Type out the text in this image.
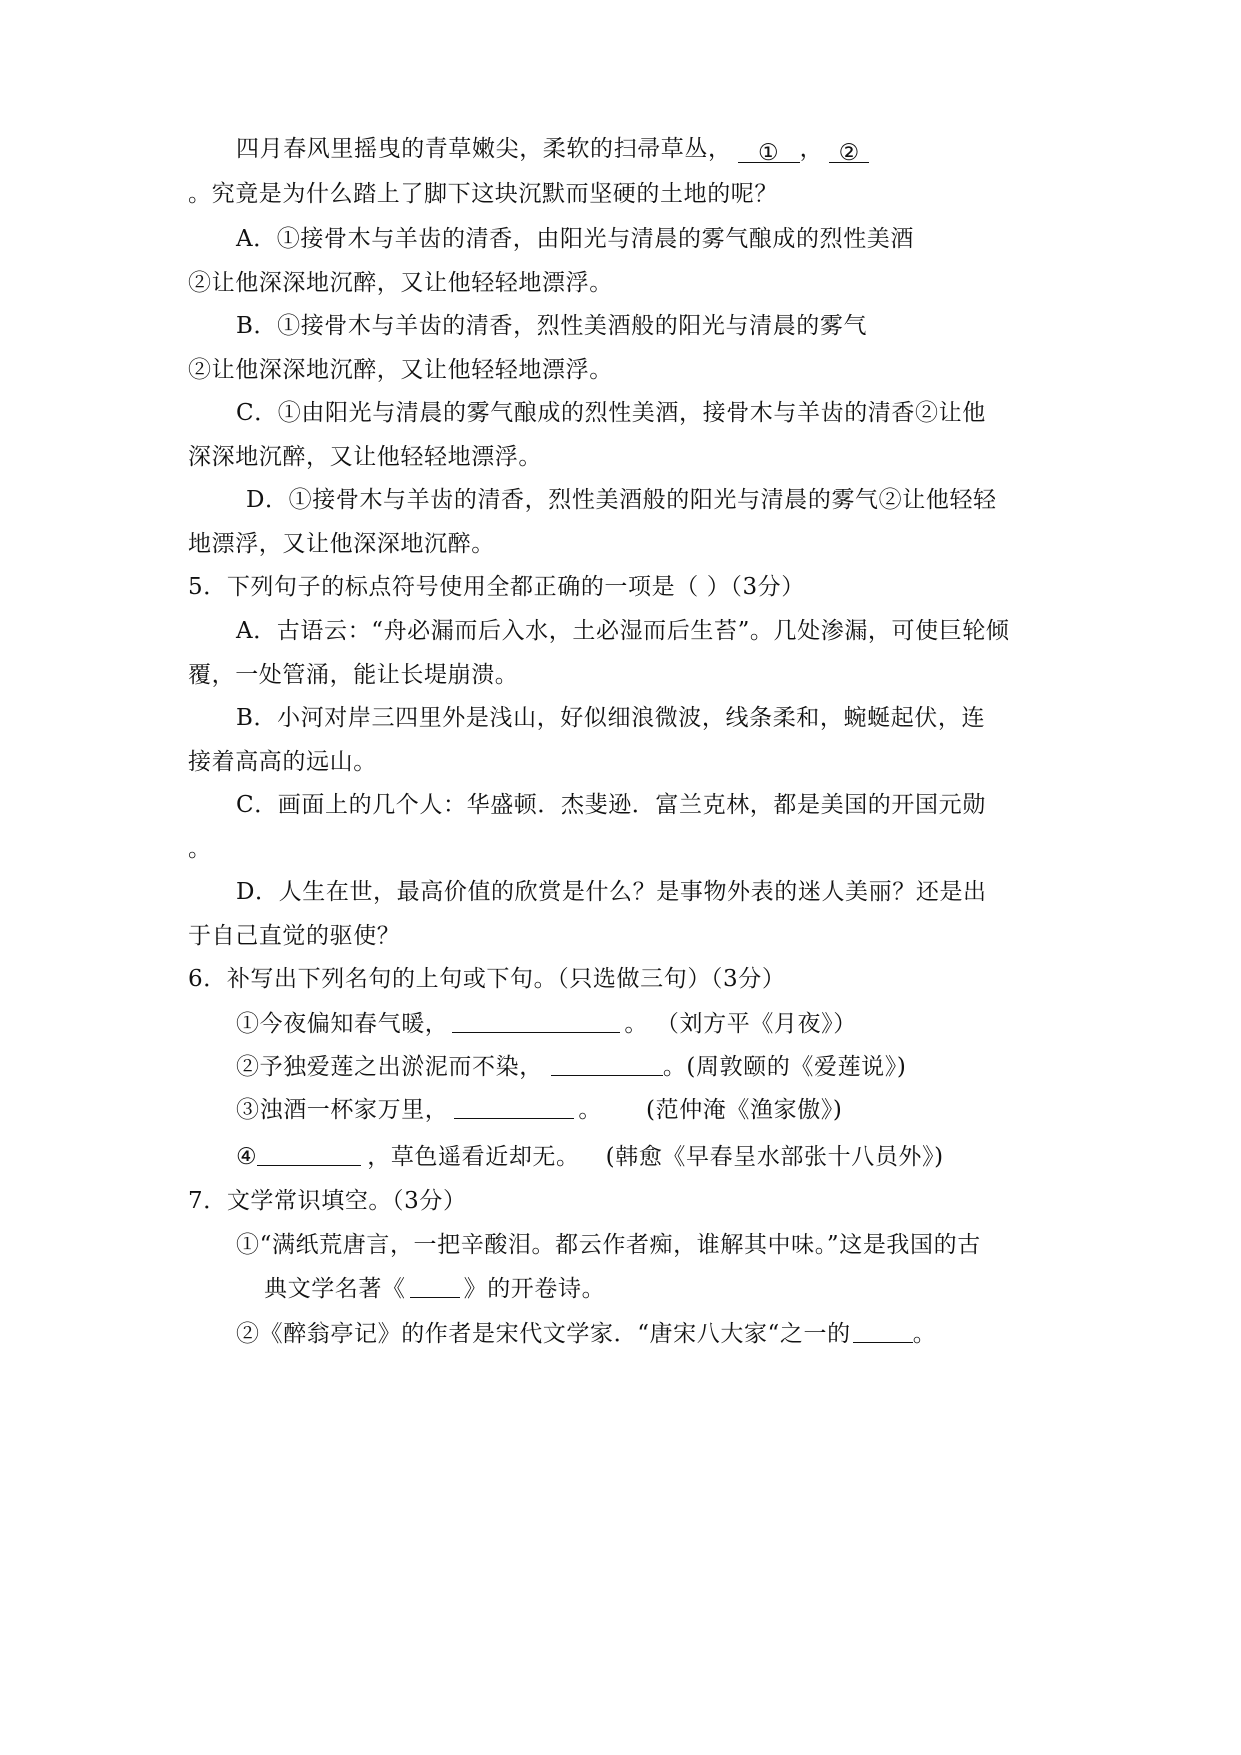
四月春风里摇曳的青草嫩尖，柔软的扫帚草丛， ① ， ②
。究竟是为什么踏上了脚下这块沉默而坚硬的土地的呢？
A．①接骨木与羊齿的清香，由阳光与清晨的雾气酿成的烈性美酒
②让他深深地沉醉，又让他轻轻地漂浮。
B．①接骨木与羊齿的清香，烈性美酒般的阳光与清晨的雾气
②让他深深地沉醉，又让他轻轻地漂浮。
C．①由阳光与清晨的雾气酿成的烈性美酒，接骨木与羊齿的清香②让他
深深地沉醉，又让他轻轻地漂浮。
D．①接骨木与羊齿的清香，烈性美酒般的阳光与清晨的雾气②让他轻轻
地漂浮，又让他深深地沉醉。
5．下列句子的标点符号使用全都正确的一项是（ ）（3分）
A．古语云：“舟必漏而后入水，土必湿而后生苔”。几处渗漏，可使巨轮倾
覆，一处管涌，能让长堤崩溃。
B．小河对岸三四里外是浅山，好似细浪微波，线条柔和，蜿蜒起伏，连
接着高高的远山。
C．画面上的几个人：华盛顿．杰斐逊．富兰克林，都是美国的开国元勋
。
D．人生在世，最高价值的欣赏是什么？是事物外表的迷人美丽？还是出
于自己直觉的驱使？
6．补写出下列名句的上句或下句。（只选做三句）（3分）
①今夜偏知春气暖，	。 （刘方平《月夜》）
②予独爱莲之出淤泥而不染，	。(周敦颐的《爱莲说》)
③浊酒一杯家万里，	。 (范仲淹《渔家傲》)
④	，草色遥看近却无。 (韩愈《早春呈水部张十八员外》)
7．文学常识填空。（3分）
①“满纸荒唐言，一把辛酸泪。都云作者痴，谁解其中味。”这是我国的古
典文学名著《	》的开卷诗。
②《醉翁亭记》的作者是宋代文学家．“唐宋八大家“之一的	。
